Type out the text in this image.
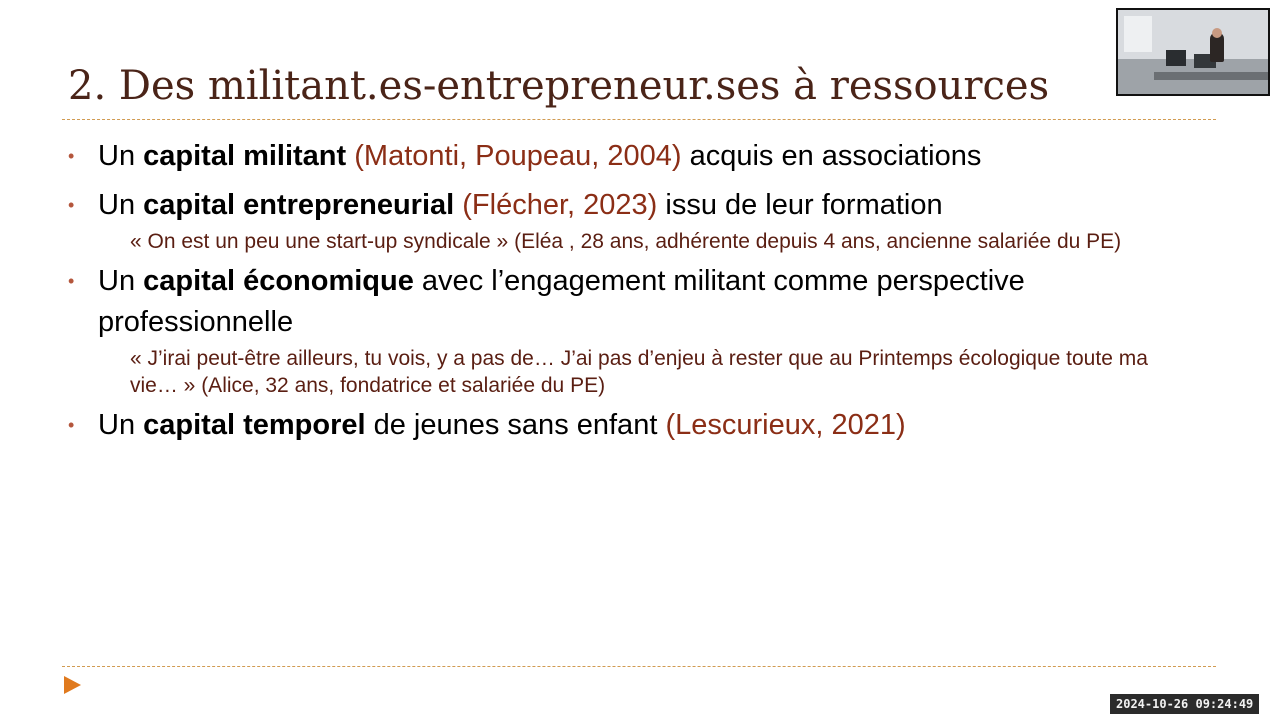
2. Des militant.es-entrepreneur.ses à ressources
• Un capital militant (Matonti, Poupeau, 2004) acquis en associations
• Un capital entrepreneurial (Flécher, 2023) issu de leur formation
« On est un peu une start-up syndicale » (Eléa , 28 ans, adhérente depuis 4 ans, ancienne salariée du PE)
• Un capital économique avec l’engagement militant comme perspective professionnelle
« J’irai peut-être ailleurs, tu vois, y a pas de… J’ai pas d’enjeu à rester que au Printemps écologique toute ma vie… » (Alice, 32 ans, fondatrice et salariée du PE)
• Un capital temporel de jeunes sans enfant (Lescurieux, 2021)
2024-10-26 09:24:49
